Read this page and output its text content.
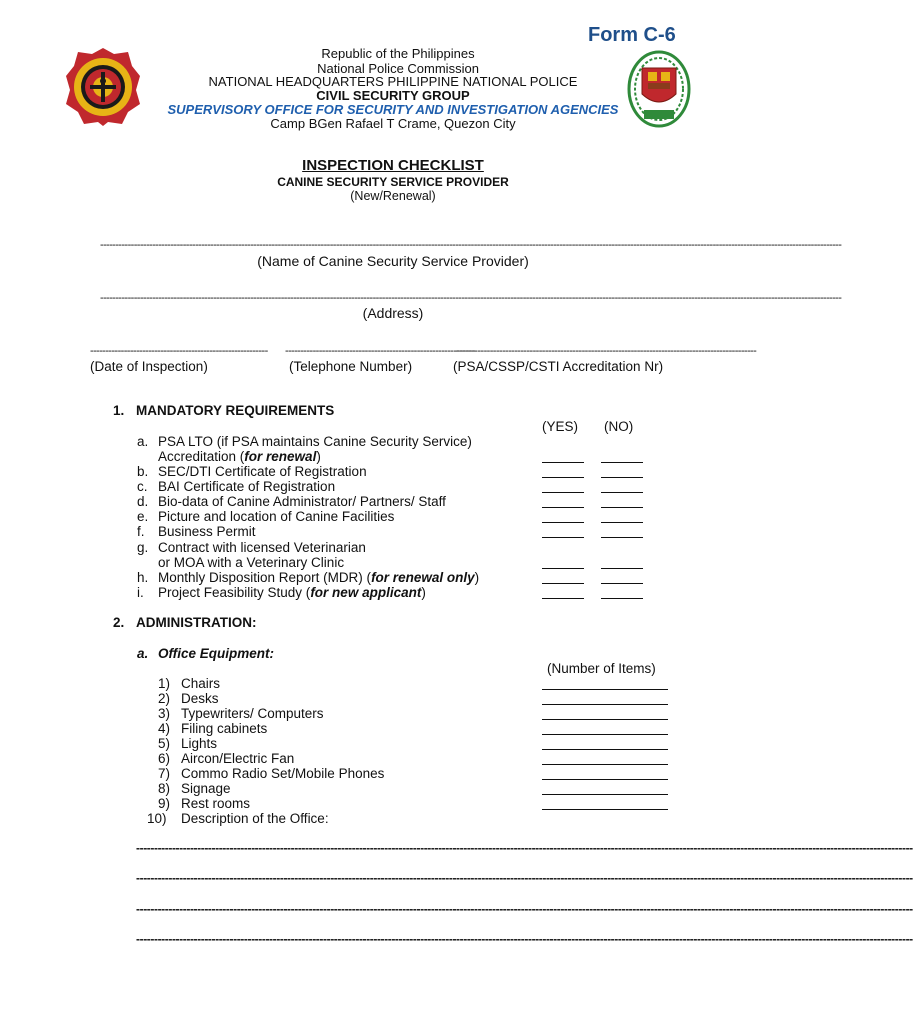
Form C-6
Republic of the Philippines
National Police Commission
NATIONAL HEADQUARTERS PHILIPPINE NATIONAL POLICE
CIVIL SECURITY GROUP
SUPERVISORY OFFICE FOR SECURITY AND INVESTIGATION AGENCIES
Camp BGen Rafael T Crame, Quezon City
INSPECTION CHECKLIST
CANINE SECURITY SERVICE PROVIDER
(New/Renewal)
--------------------------------------------------------------------------------------------------------------------------------------------------------------------------------------------------------------------------------------------------
(Name of Canine Security Service Provider)
--------------------------------------------------------------------------------------------------------------------------------------------------------------------------------------------------------------------------------------------------
(Address)
---------------------------------------------------------- --------------------------------------------------------------
--------------------------------------------------------------------------------------------------
(Date of Inspection)	(Telephone Number)	(PSA/CSSP/CSTI Accreditation Nr)
1. MANDATORY REQUIREMENTS
(YES) (NO)
a. PSA LTO (if PSA maintains Canine Security Service)
Accreditation (for renewal)
b. SEC/DTI Certificate of Registration
c. BAI Certificate of Registration
d. Bio-data of Canine Administrator/ Partners/ Staff
e. Picture and location of Canine Facilities
f. Business Permit
g. Contract with licensed Veterinarian
or MOA with a Veterinary Clinic
h. Monthly Disposition Report (MDR) (for renewal only)
i. Project Feasibility Study (for new applicant)
2. ADMINISTRATION:
a. Office Equipment:
(Number of Items)
1) Chairs
2) Desks
3) Typewriters/ Computers
4) Filing cabinets
5) Lights
6) Aircon/Electric Fan
7) Commo Radio Set/Mobile Phones
8) Signage
9) Rest rooms
10) Description of the Office:
------------------------------------------------------------------------------------------------------------------------------------------------------------------------------------------------------------------------
------------------------------------------------------------------------------------------------------------------------------------------------------------------------------------------------------------------------
------------------------------------------------------------------------------------------------------------------------------------------------------------------------------------------------------------------------
------------------------------------------------------------------------------------------------------------------------------------------------------------------------------------------------------------------------
